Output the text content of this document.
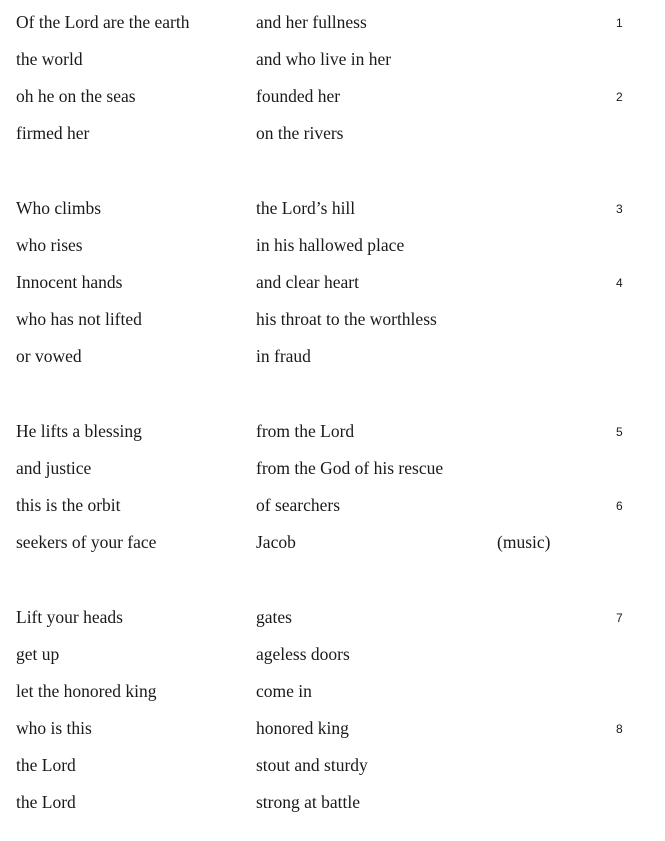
Of the Lord are the earth	and her fullness	1
the world	and who live in her
oh he on the seas	founded her	2
firmed her	on the rivers
Who climbs	the Lord’s hill	3
who rises	in his hallowed place
Innocent hands	and clear heart	4
who has not lifted	his throat to the worthless
or vowed	in fraud
He lifts a blessing	from the Lord	5
and justice	from the God of his rescue
this is the orbit	of searchers	6
seekers of your face	Jacob	(music)
Lift your heads	gates	7
get up	ageless doors
let the honored king	come in
who is this	honored king	8
the Lord	stout and sturdy
the Lord	strong at battle
